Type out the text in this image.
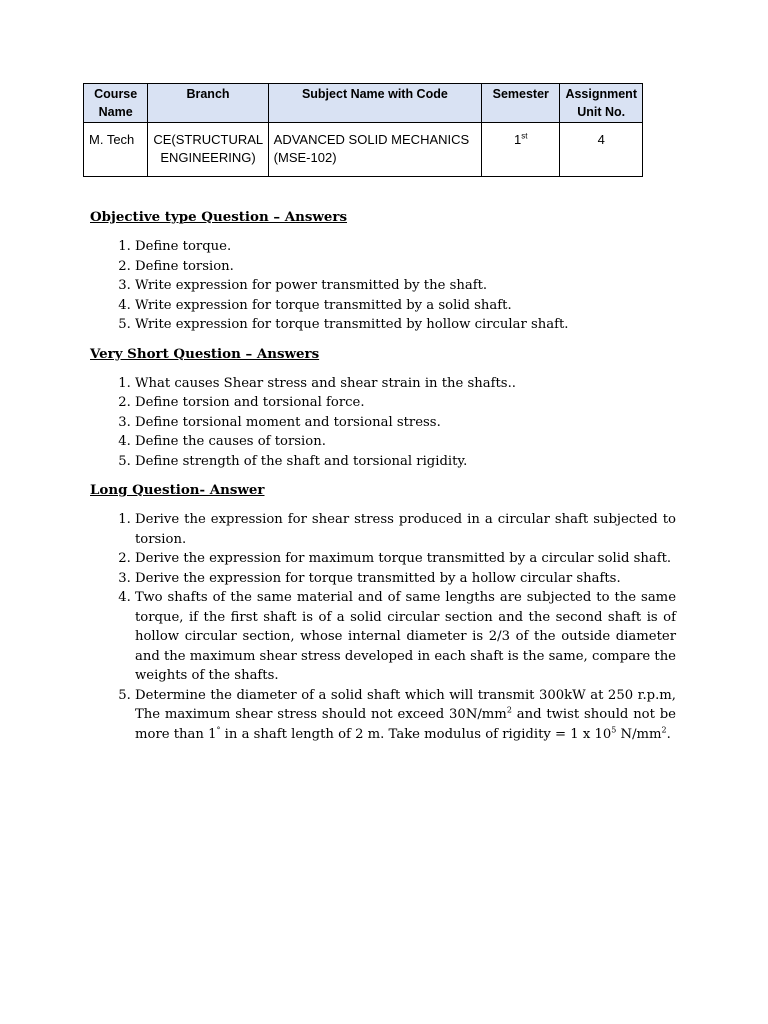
Course Name	Branch	Subject Name with Code	Semester	Assignment Unit No.
M. Tech	CE(STRUCTURAL ENGINEERING)	ADVANCED SOLID MECHANICS (MSE-102)	1st	4
Objective type Question – Answers
1. Define torque.
2. Define torsion.
3. Write expression for power transmitted by the shaft.
4. Write expression for torque transmitted by a solid shaft.
5. Write expression for torque transmitted by hollow circular shaft.
Very Short Question – Answers
1. What causes Shear stress and shear strain in the shafts..
2. Define torsion and torsional force.
3. Define torsional moment and torsional stress.
4. Define the causes of torsion.
5. Define strength of the shaft and torsional rigidity.
Long Question- Answer
1. Derive the expression for shear stress produced in a circular shaft subjected to torsion.
2. Derive the expression for maximum torque transmitted by a circular solid shaft.
3. Derive the expression for torque transmitted by a hollow circular shafts.
4. Two shafts of the same material and of same lengths are subjected to the same torque, if the first shaft is of a solid circular section and the second shaft is of hollow circular section, whose internal diameter is 2/3 of the outside diameter and the maximum shear stress developed in each shaft is the same, compare the weights of the shafts.
5. Determine the diameter of a solid shaft which will transmit 300kW at 250 r.p.m, The maximum shear stress should not exceed $30N/mm^2$ and twist should not be more than 1° in a shaft length of 2 m. Take modulus of rigidity = 1 x $10^5$ $N/mm^2$.
